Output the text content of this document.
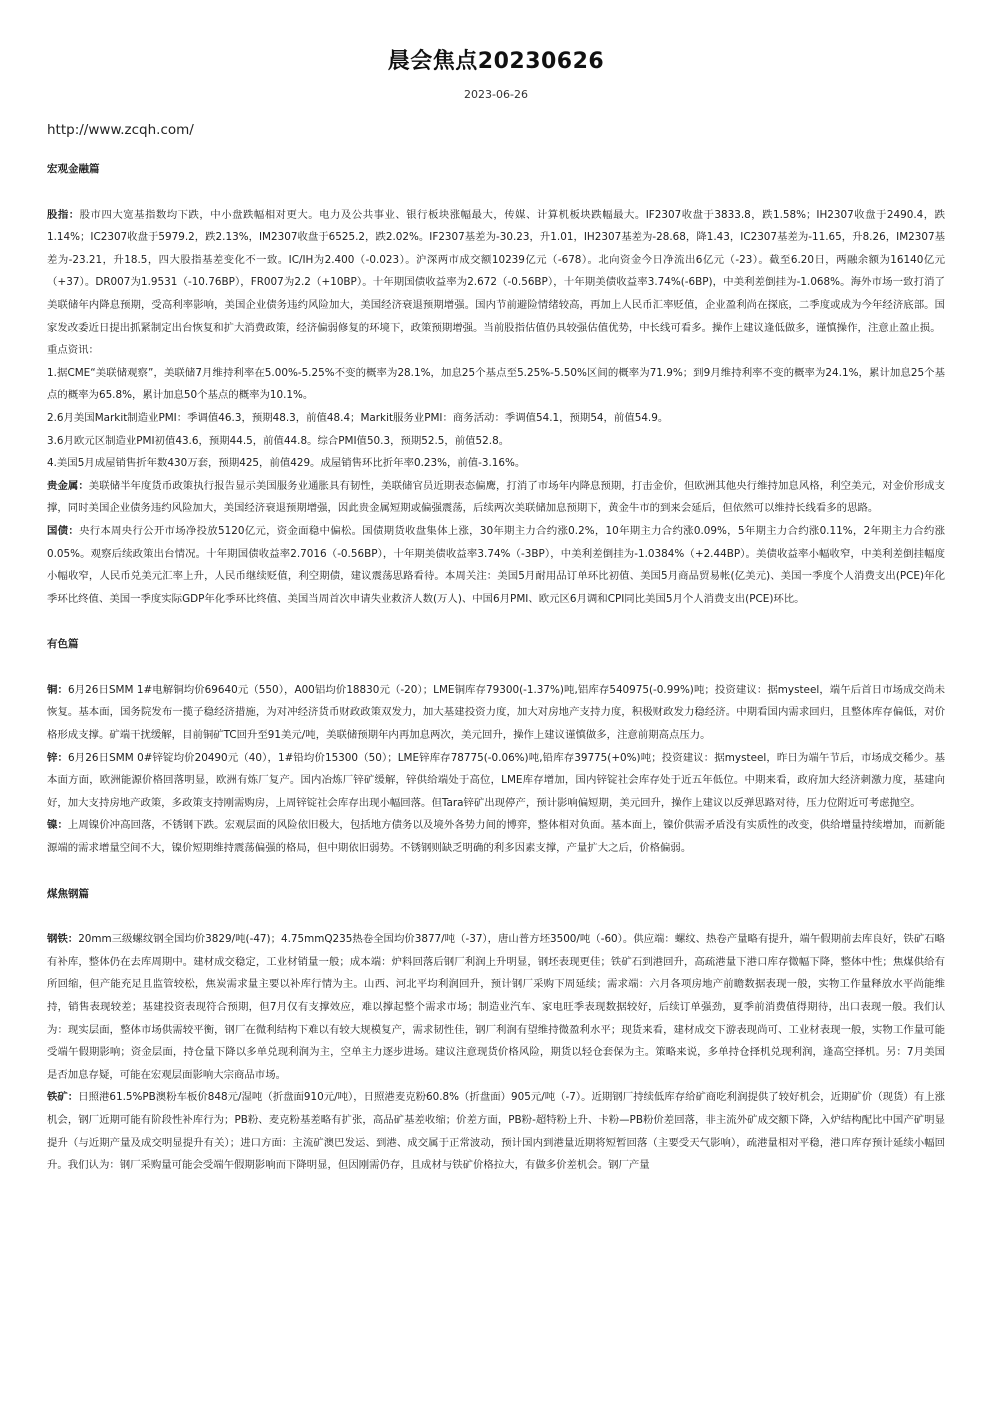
晨会焦点20230626
2023-06-26
http://www.zcqh.com/

宏观金融篇

股指：股市四大宽基指数均下跌，中小盘跌幅相对更大。电力及公共事业、银行板块涨幅最大，传媒、计算机板块跌幅最大。IF2307收盘于3833.8，跌1.58%；IH2307收盘于2490.4，跌1.14%；IC2307收盘于5979.2，跌2.13%，IM2307收盘于6525.2，跌2.02%。IF2307基差为-30.23，升1.01，IH2307基差为-28.68，降1.43，IC2307基差为-11.65，升8.26，IM2307基差为-23.21，升18.5，四大股指基差变化不一致。IC/IH为2.400（-0.023）。沪深两市成交额10239亿元（-678）。北向资金今日净流出6亿元（-23）。截至6.20日，两融余额为16140亿元（+37）。DR007为1.9531（-10.76BP），FR007为2.2（+10BP）。十年期国债收益率为2.672（-0.56BP），十年期美债收益率3.74%(-6BP)，中美利差倒挂为-1.068%。海外市场一致打消了美联储年内降息预期，受高利率影响，美国企业债务违约风险加大，美国经济衰退预期增强。国内节前避险情绪较高，再加上人民币汇率贬值，企业盈利尚在探底，二季度或成为今年经济底部。国家发改委近日提出抓紧制定出台恢复和扩大消费政策，经济偏弱修复的环境下，政策预期增强。当前股指估值仍具较强估值优势，中长线可看多。操作上建议逢低做多，谨慎操作，注意止盈止损。

重点资讯：

1.据CME“美联储观察”，美联储7月维持利率在5.00%-5.25%不变的概率为28.1%，加息25个基点至5.25%-5.50%区间的概率为71.9%；到9月维持利率不变的概率为24.1%，累计加息25个基点的概率为65.8%，累计加息50个基点的概率为10.1%。

2.6月美国Markit制造业PMI：季调值46.3，预期48.3，前值48.4；Markit服务业PMI：商务活动：季调值54.1，预期54，前值54.9。

3.6月欧元区制造业PMI初值43.6，预期44.5，前值44.8。综合PMI值50.3，预期52.5，前值52.8。

4.美国5月成屋销售折年数430万套，预期425，前值429。成屋销售环比折年率0.23%，前值-3.16%。

贵金属：美联储半年度货币政策执行报告显示美国服务业通胀具有韧性，美联储官员近期表态偏鹰，打消了市场年内降息预期，打击金价，但欧洲其他央行维持加息风格，利空美元，对金价形成支撑，同时美国企业债务违约风险加大，美国经济衰退预期增强，因此贵金属短期或偏强震荡，后续两次美联储加息预期下，黄金牛市的到来会延后，但依然可以维持长线看多的思路。

国债：央行本周央行公开市场净投放5120亿元，资金面稳中偏松。国债期货收盘集体上涨，30年期主力合约涨0.2%，10年期主力合约涨0.09%，5年期主力合约涨0.11%，2年期主力合约涨0.05%。观察后续政策出台情况。十年期国债收益率2.7016（-0.56BP），十年期美债收益率3.74%（-3BP），中美利差倒挂为-1.0384%（+2.44BP）。美债收益率小幅收窄，中美利差倒挂幅度小幅收窄，人民币兑美元汇率上升，人民币继续贬值，利空期债，建议震荡思路看待。本周关注：美国5月耐用品订单环比初值、美国5月商品贸易帐(亿美元)、美国一季度个人消费支出(PCE)年化季环比终值、美国一季度实际GDP年化季环比终值、美国当周首次申请失业救济人数(万人)、中国6月PMI、欧元区6月调和CPI同比美国5月个人消费支出(PCE)环比。

有色篇

铜：6月26日SMM 1#电解铜均价69640元（550），A00铝均价18830元（-20）；LME铜库存79300(-1.37%)吨,铝库存540975(-0.99%)吨；投资建议：据mysteel，端午后首日市场成交尚未恢复。基本面，国务院发布一揽子稳经济措施，为对冲经济货币财政政策双发力，加大基建投资力度，加大对房地产支持力度，积极财政发力稳经济。中期看国内需求回归，且整体库存偏低，对价格形成支撑。矿端干扰缓解，目前铜矿TC回升至91美元/吨，美联储预期年内再加息两次，美元回升，操作上建议谨慎做多，注意前期高点压力。

锌：6月26日SMM 0#锌锭均价20490元（40），1#铅均价15300（50）；LME锌库存78775(-0.06%)吨,铅库存39775(+0%)吨；投资建议：据mysteel，昨日为端午节后，市场成交稀少。基本面方面，欧洲能源价格回落明显，欧洲有炼厂复产。国内冶炼厂锌矿缓解，锌供给端处于高位，LME库存增加，国内锌锭社会库存处于近五年低位。中期来看，政府加大经济刺激力度，基建向好，加大支持房地产政策，多政策支持刚需购房，上周锌锭社会库存出现小幅回落。但Tara锌矿出现停产，预计影响偏短期，美元回升，操作上建议以反弹思路对待，压力位附近可考虑抛空。

镍：上周镍价冲高回落，不锈钢下跌。宏观层面的风险依旧极大，包括地方债务以及境外各势力间的博弈，整体相对负面。基本面上，镍价供需矛盾没有实质性的改变，供给增量持续增加，而新能源端的需求增量空间不大，镍价短期维持震荡偏强的格局，但中期依旧弱势。不锈钢则缺乏明确的利多因素支撑，产量扩大之后，价格偏弱。

煤焦钢篇

钢铁：20mm三级螺纹钢全国均价3829/吨(-47)；4.75mmQ235热卷全国均价3877/吨（-37），唐山普方坯3500/吨（-60）。供应端：螺纹、热卷产量略有提升，端午假期前去库良好，铁矿石略有补库，整体仍在去库周期中。建材成交稳定，工业材销量一般；成本端：炉料回落后钢厂利润上升明显，钢坯表现更佳；铁矿石到港回升，高疏港量下港口库存微幅下降，整体中性；焦煤供给有所回缩，但产能充足且监管较松，焦炭需求量主要以补库行情为主。山西、河北平均利润回升，预计钢厂采购下周延续；需求端：六月各项房地产前瞻数据表现一般，实物工作量释放水平尚能维持，销售表现较差；基建投资表现符合预期，但7月仅有支撑效应，难以撑起整个需求市场；制造业汽车、家电旺季表现数据较好，后续订单强劲，夏季前消费值得期待，出口表现一般。我们认为：现实层面，整体市场供需较平衡，钢厂在微利结构下难以有较大规模复产，需求韧性佳，钢厂利润有望维持微盈利水平；现货来看，建材成交下游表现尚可、工业材表现一般，实物工作量可能受端午假期影响；资金层面，持仓量下降以多单兑现利润为主，空单主力逐步进场。建议注意现货价格风险，期货以轻仓套保为主。策略来说，多单持仓择机兑现利润，逢高空择机。另：7月美国是否加息存疑，可能在宏观层面影响大宗商品市场。

铁矿：日照港61.5%PB澳粉车板价848元/湿吨（折盘面910元/吨），日照港麦克粉60.8%（折盘面）905元/吨（-7）。近期钢厂持续低库存给矿商吃利润提供了较好机会，近期矿价（现货）有上涨机会，钢厂近期可能有阶段性补库行为；PB粉、麦克粉基差略有扩张，高品矿基差收缩；价差方面，PB粉-超特粉上升、卡粉—PB粉价差回落，非主流外矿成交额下降，入炉结构配比中国产矿明显提升（与近期产量及成交明显提升有关）；进口方面：主流矿澳巴发运、到港、成交属于正常波动，预计国内到港量近期将短暂回落（主要受天气影响），疏港量相对平稳，港口库存预计延续小幅回升。我们认为：钢厂采购量可能会受端午假期影响而下降明显，但因刚需仍存，且成材与铁矿价格拉大，有做多价差机会。钢厂产量
